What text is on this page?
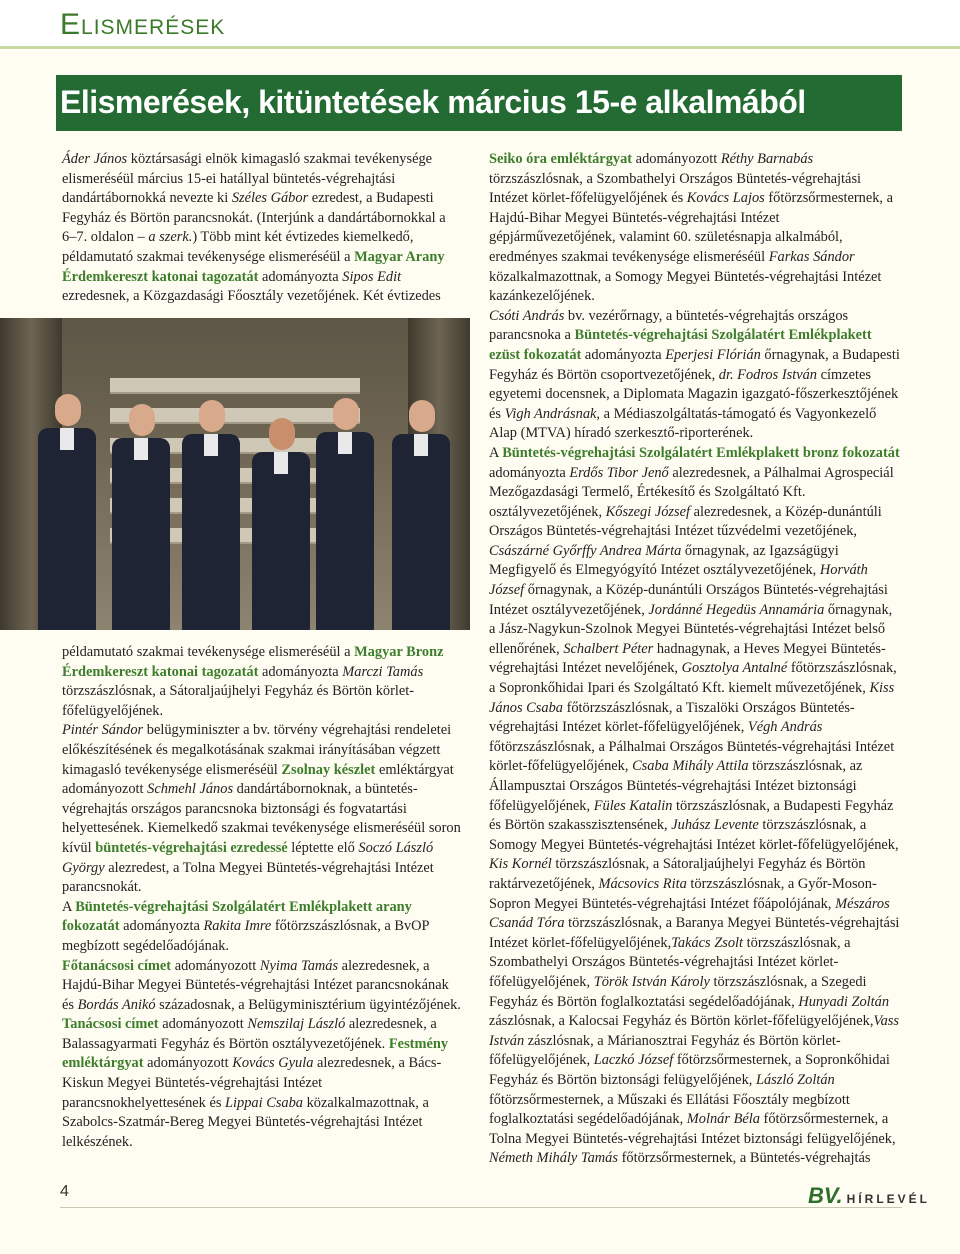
Elismerések
Elismerések, kitüntetések március 15-e alkalmából

Áder János köztársasági elnök kimagasló szakmai tevékenysége elismeréséül március 15-ei hatállyal büntetés-végrehajtási dandártábornokká nevezte ki Széles Gábor ezredest, a Budapesti Fegyház és Börtön parancsnokát. (Interjúnk a dandártábornokkal a 6–7. oldalon – a szerk.) Több mint két évtizedes kiemelkedő, példamutató szakmai tevékenysége elismeréséül a Magyar Arany Érdemkereszt katonai tagozatát adományozta Sipos Edit ezredesnek, a Közgazdasági Főosztály vezetőjének. Két évtizedes

példamutató szakmai tevékenysége elismeréséül a Magyar Bronz Érdemkereszt katonai tagozatát adományozta Marczi Tamás törzszászlósnak, a Sátoraljaújhelyi Fegyház és Börtön körlet-főfelügyelőjének.
Pintér Sándor belügyminiszter a bv. törvény végrehajtási rendeletei előkészítésének és megalkotásának szakmai irányításában végzett kimagasló tevékenysége elismeréséül Zsolnay készlet emléktárgyat adományozott Schmehl János dandártábornoknak, a büntetés-végrehajtás országos parancsnoka biztonsági és fogvatartási helyettesének. Kiemelkedő szakmai tevékenysége elismeréséül soron kívül büntetés-végrehajtási ezredessé léptette elő Soczó László György alezredest, a Tolna Megyei Büntetés-végrehajtási Intézet parancsnokát.
A Büntetés-végrehajtási Szolgálatért Emlékplakett arany fokozatát adományozta Rakita Imre főtörzszászlósnak, a BvOP megbízott segédelőadójának.
Főtanácsosi címet adományozott Nyima Tamás alezredesnek, a Hajdú-Bihar Megyei Büntetés-végrehajtási Intézet parancsnokának és Bordás Anikó századosnak, a Belügyminisztérium ügyintézőjének. Tanácsosi címet adományozott Nemszilaj László alezredesnek, a Balassagyarmati Fegyház és Börtön osztályvezetőjének. Festmény emléktárgyat adományozott Kovács Gyula alezredesnek, a Bács-Kiskun Megyei Büntetés-végrehajtási Intézet parancsnokhelyettesének és Lippai Csaba közalkalmazottnak, a Szabolcs-Szatmár-Bereg Megyei Büntetés-végrehajtási Intézet lelkészének.

Seiko óra emléktárgyat adományozott Réthy Barnabás törzszászlósnak, a Szombathelyi Országos Büntetés-végrehajtási Intézet körlet-főfelügyelőjének és Kovács Lajos főtörzsőrmesternek, a Hajdú-Bihar Megyei Büntetés-végrehajtási Intézet gépjárművezetőjének, valamint 60. születésnapja alkalmából, eredményes szakmai tevékenysége elismeréséül Farkas Sándor közalkalmazottnak, a Somogy Megyei Büntetés-végrehajtási Intézet kazánkezelőjének.
Csóti András bv. vezérőrnagy, a büntetés-végrehajtás országos parancsnoka a Büntetés-végrehajtási Szolgálatért Emlékplakett ezüst fokozatát adományozta Eperjesi Flórián őrnagynak, a Budapesti Fegyház és Börtön csoportvezetőjének, dr. Fodros István címzetes egyetemi docensnek, a Diplomata Magazin igazgató-főszerkesztőjének és Vigh Andrásnak, a Médiaszolgáltatás-támogató és Vagyonkezelő Alap (MTVA) híradó szerkesztő-riporterének.
A Büntetés-végrehajtási Szolgálatért Emlékplakett bronz fokozatát adományozta Erdős Tibor Jenő alezredesnek, a Pálhalmai Agrospeciál Mezőgazdasági Termelő, Értékesítő és Szolgáltató Kft. osztályvezetőjének, Kőszegi József alezredesnek, a Közép-dunántúli Országos Büntetés-végrehajtási Intézet tűzvédelmi vezetőjének, Császárné Győrffy Andrea Márta őrnagynak, az Igazságügyi Megfigyelő és Elmegyógyító Intézet osztályvezetőjének, Horváth József őrnagynak, a Közép-dunántúli Országos Büntetés-végrehajtási Intézet osztályvezetőjének, Jordánné Hegedüs Annamária őrnagynak, a Jász-Nagykun-Szolnok Megyei Büntetés-végrehajtási Intézet belső ellenőrének, Schalbert Péter hadnagynak, a Heves Megyei Büntetés-végrehajtási Intézet nevelőjének, Gosztolya Antalné főtörzszászlósnak, a Sopronkőhidai Ipari és Szolgáltató Kft. kiemelt művezetőjének, Kiss János Csaba főtörzszászlósnak, a Tiszalöki Országos Büntetés-végrehajtási Intézet körlet-főfelügyelőjének, Végh András főtörzszászlósnak, a Pálhalmai Országos Büntetés-végrehajtási Intézet körlet-főfelügyelőjének, Csaba Mihály Attila törzszászlósnak, az Állampusztai Országos Büntetés-végrehajtási Intézet biztonsági főfelügyelőjének, Füles Katalin törzszászlósnak, a Budapesti Fegyház és Börtön szakasszisztensének, Juhász Levente törzszászlósnak, a Somogy Megyei Büntetés-végrehajtási Intézet körlet-főfelügyelőjének, Kis Kornél törzszászlósnak, a Sátoraljaújhelyi Fegyház és Börtön raktárvezetőjének, Mácsovics Rita törzszászlósnak, a Győr-Moson-Sopron Megyei Büntetés-végrehajtási Intézet főápolójának, Mészáros Csanád Tóra törzszászlósnak, a Baranya Megyei Büntetés-végrehajtási Intézet körlet-főfelügyelőjének,Takács Zsolt törzszászlósnak, a Szombathelyi Országos Büntetés-végrehajtási Intézet körlet-főfelügyelőjének, Török István Károly törzszászlósnak, a Szegedi Fegyház és Börtön foglalkoztatási segédelőadójának, Hunyadi Zoltán zászlósnak, a Kalocsai Fegyház és Börtön körlet-főfelügyelőjének,Vass István zászlósnak, a Márianosztrai Fegyház és Börtön körlet-főfelügyelőjének, Laczkó József főtörzsőrmesternek, a Sopronkőhidai Fegyház és Börtön biztonsági felügyelőjének, László Zoltán főtörzsőrmesternek, a Műszaki és Ellátási Főosztály megbízott foglalkoztatási segédelőadójának, Molnár Béla főtörzsőrmesternek, a Tolna Megyei Büntetés-végrehajtási Intézet biztonsági felügyelőjének, Németh Mihály Tamás főtörzsőrmesternek, a Büntetés-végrehajtás

4	BV. HÍRLEVÉL
